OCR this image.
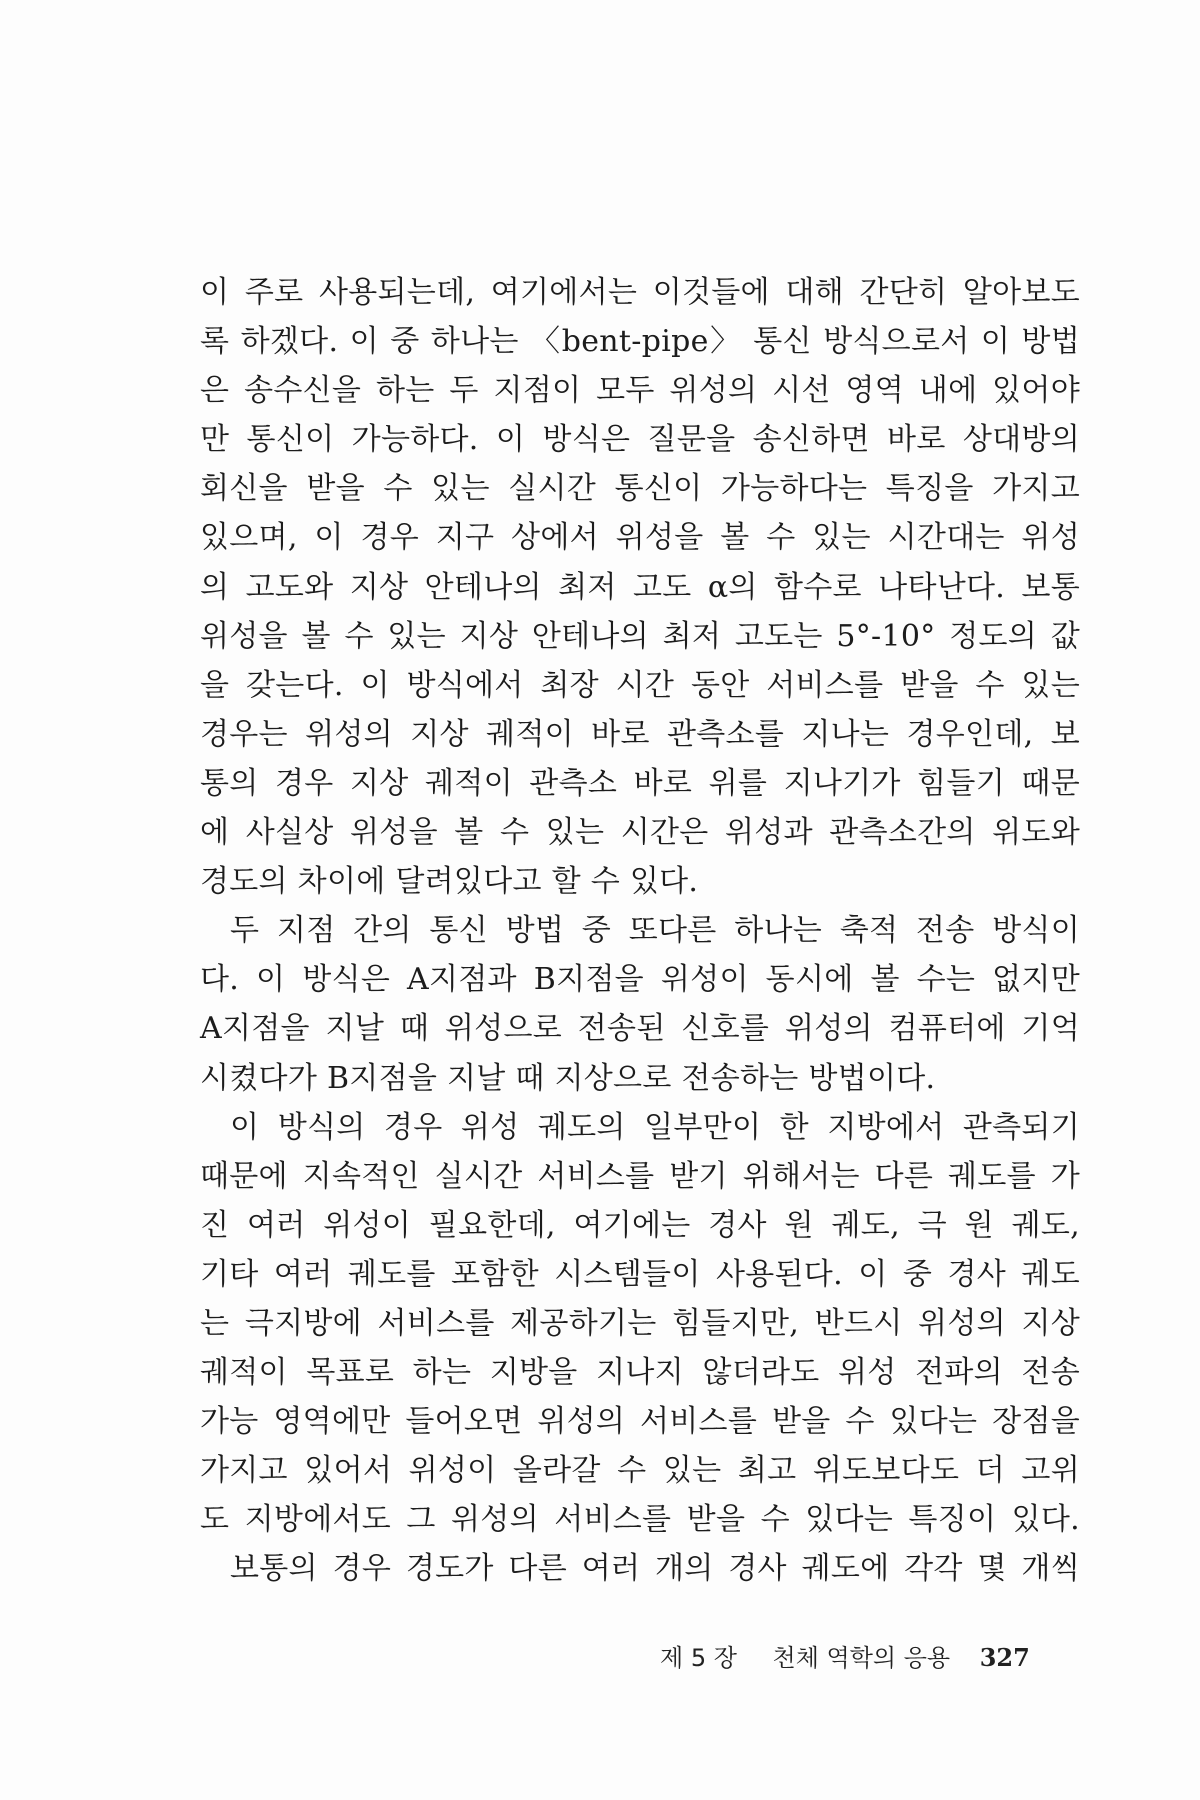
이 주로 사용되는데, 여기에서는 이것들에 대해 간단히 알아보도
록 하겠다. 이 중 하나는 〈bent-pipe〉 통신 방식으로서 이 방법
은 송수신을 하는 두 지점이 모두 위성의 시선 영역 내에 있어야
만 통신이 가능하다. 이 방식은 질문을 송신하면 바로 상대방의
회신을 받을 수 있는 실시간 통신이 가능하다는 특징을 가지고
있으며, 이 경우 지구 상에서 위성을 볼 수 있는 시간대는 위성
의 고도와 지상 안테나의 최저 고도 α의 함수로 나타난다. 보통
위성을 볼 수 있는 지상 안테나의 최저 고도는 5°-10° 정도의 값
을 갖는다. 이 방식에서 최장 시간 동안 서비스를 받을 수 있는
경우는 위성의 지상 궤적이 바로 관측소를 지나는 경우인데, 보
통의 경우 지상 궤적이 관측소 바로 위를 지나기가 힘들기 때문
에 사실상 위성을 볼 수 있는 시간은 위성과 관측소간의 위도와
경도의 차이에 달려있다고 할 수 있다.
두 지점 간의 통신 방법 중 또다른 하나는 축적 전송 방식이
다. 이 방식은 A지점과 B지점을 위성이 동시에 볼 수는 없지만
A지점을 지날 때 위성으로 전송된 신호를 위성의 컴퓨터에 기억
시켰다가 B지점을 지날 때 지상으로 전송하는 방법이다.
이 방식의 경우 위성 궤도의 일부만이 한 지방에서 관측되기
때문에 지속적인 실시간 서비스를 받기 위해서는 다른 궤도를 가
진 여러 위성이 필요한데, 여기에는 경사 원 궤도, 극 원 궤도,
기타 여러 궤도를 포함한 시스템들이 사용된다. 이 중 경사 궤도
는 극지방에 서비스를 제공하기는 힘들지만, 반드시 위성의 지상
궤적이 목표로 하는 지방을 지나지 않더라도 위성 전파의 전송
가능 영역에만 들어오면 위성의 서비스를 받을 수 있다는 장점을
가지고 있어서 위성이 올라갈 수 있는 최고 위도보다도 더 고위
도 지방에서도 그 위성의 서비스를 받을 수 있다는 특징이 있다.
보통의 경우 경도가 다른 여러 개의 경사 궤도에 각각 몇 개씩
제 5 장 천체 역학의 응용 327
